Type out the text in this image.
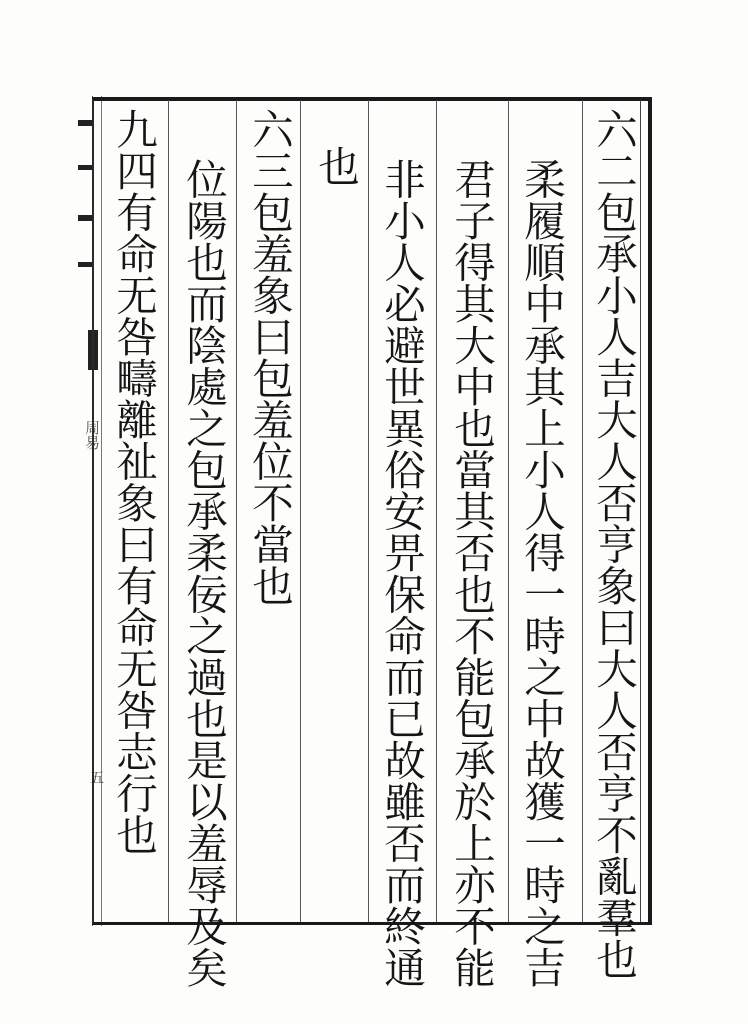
周易
五	六二包承小人吉大人否亨象曰大人否亨不亂羣也
柔履順中承其上小人得一時之中故獲一時之吉
君子得其大中也當其否也不能包承於上亦不能
非小人必避世異俗安畀保命而已故雖否而終通
也
六三包羞象曰包羞位不當也
位陽也而陰處之包承柔佞之過也是以羞辱及矣
九四有命无咎疇離祉象曰有命无咎志行也
